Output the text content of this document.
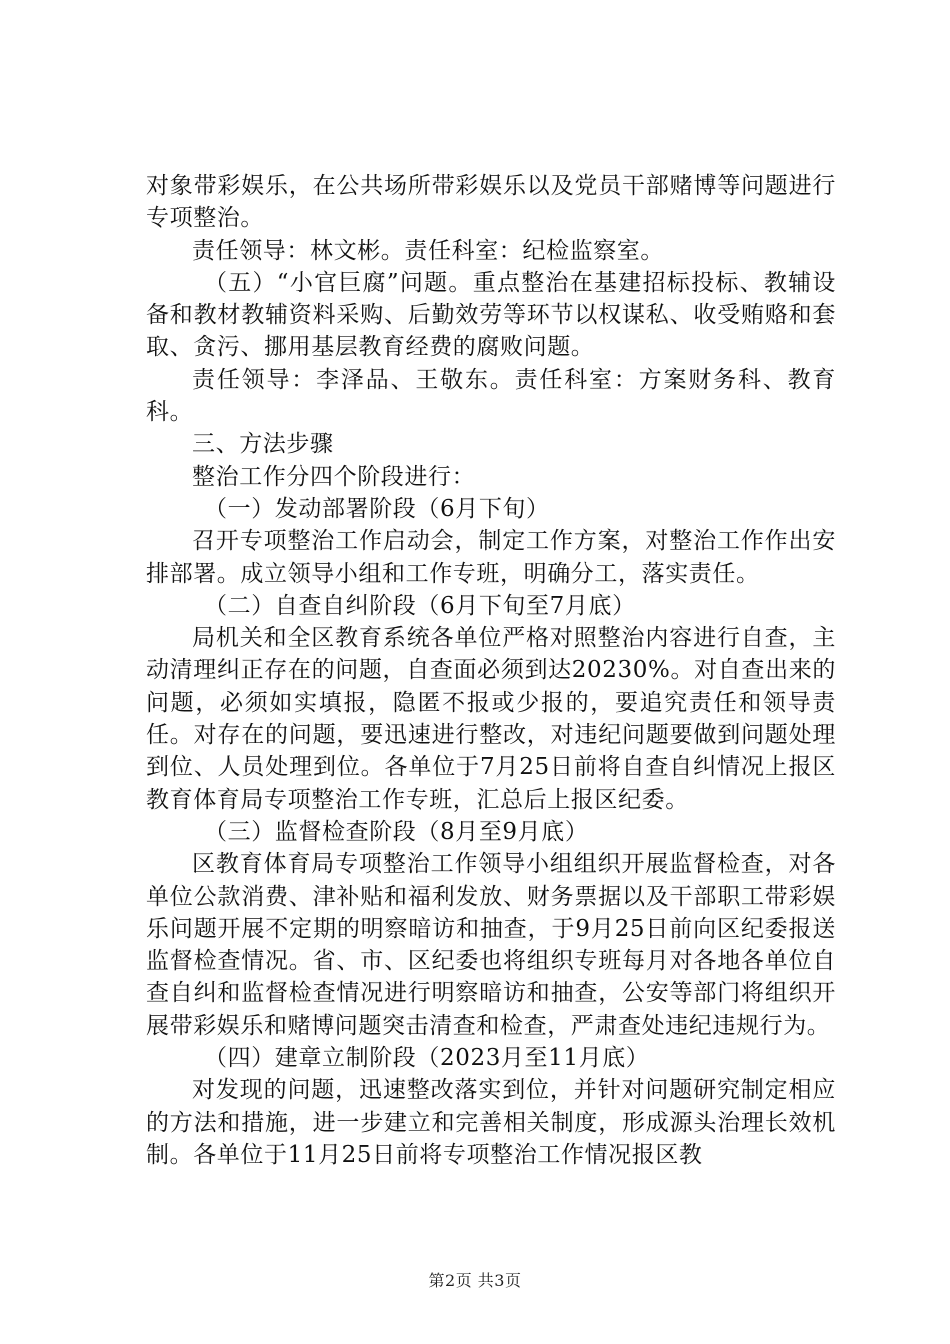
对象带彩娱乐，在公共场所带彩娱乐以及党员干部赌博等问题进行专项整治。

责任领导：林文彬。责任科室：纪检监察室。

（五）“小官巨腐”问题。重点整治在基建招标投标、教辅设备和教材教辅资料采购、后勤效劳等环节以权谋私、收受贿赂和套取、贪污、挪用基层教育经费的腐败问题。

责任领导：李泽品、王敬东。责任科室：方案财务科、教育科。

三、方法步骤

整治工作分四个阶段进行：

（一）发动部署阶段（6月下旬）

召开专项整治工作启动会，制定工作方案，对整治工作作出安排部署。成立领导小组和工作专班，明确分工，落实责任。

（二）自查自纠阶段（6月下旬至7月底）

局机关和全区教育系统各单位严格对照整治内容进行自查，主动清理纠正存在的问题，自查面必须到达20230%。对自查出来的问题，必须如实填报，隐匿不报或少报的，要追究责任和领导责任。对存在的问题，要迅速进行整改，对违纪问题要做到问题处理到位、人员处理到位。各单位于7月25日前将自查自纠情况上报区教育体育局专项整治工作专班，汇总后上报区纪委。

（三）监督检查阶段（8月至9月底）

区教育体育局专项整治工作领导小组组织开展监督检查，对各单位公款消费、津补贴和福利发放、财务票据以及干部职工带彩娱乐问题开展不定期的明察暗访和抽查，于9月25日前向区纪委报送监督检查情况。省、市、区纪委也将组织专班每月对各地各单位自查自纠和监督检查情况进行明察暗访和抽查，公安等部门将组织开展带彩娱乐和赌博问题突击清查和检查，严肃查处违纪违规行为。

（四）建章立制阶段（2023月至11月底）

对发现的问题，迅速整改落实到位，并针对问题研究制定相应的方法和措施，进一步建立和完善相关制度，形成源头治理长效机制。各单位于11月25日前将专项整治工作情况报区教

第2页 共3页
